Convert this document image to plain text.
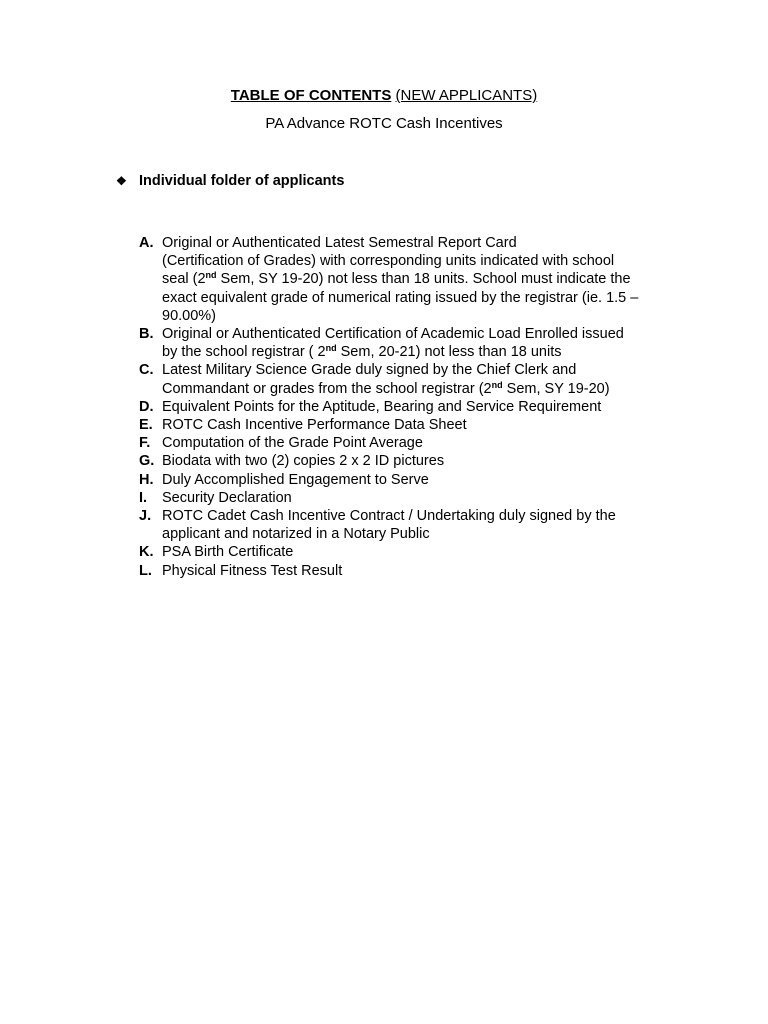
TABLE OF CONTENTS (NEW APPLICANTS)
PA Advance ROTC Cash Incentives
❖ Individual folder of applicants
A. Original or Authenticated Latest Semestral Report Card
(Certification of Grades) with corresponding units indicated with school
seal (2nd Sem, SY 19-20) not less than 18 units. School must indicate the
exact equivalent grade of numerical rating issued by the registrar (ie. 1.5 –
90.00%)
B. Original or Authenticated Certification of Academic Load Enrolled issued
by the school registrar ( 2nd Sem, 20-21) not less than 18 units
C. Latest Military Science Grade duly signed by the Chief Clerk and
Commandant or grades from the school registrar (2nd Sem, SY 19-20)
D. Equivalent Points for the Aptitude, Bearing and Service Requirement
E. ROTC Cash Incentive Performance Data Sheet
F. Computation of the Grade Point Average
G. Biodata with two (2) copies 2 x 2 ID pictures
H. Duly Accomplished Engagement to Serve
I.	Security Declaration
J. ROTC Cadet Cash Incentive Contract / Undertaking duly signed by the
applicant and notarized in a Notary Public
K. PSA Birth Certificate
L. Physical Fitness Test Result
